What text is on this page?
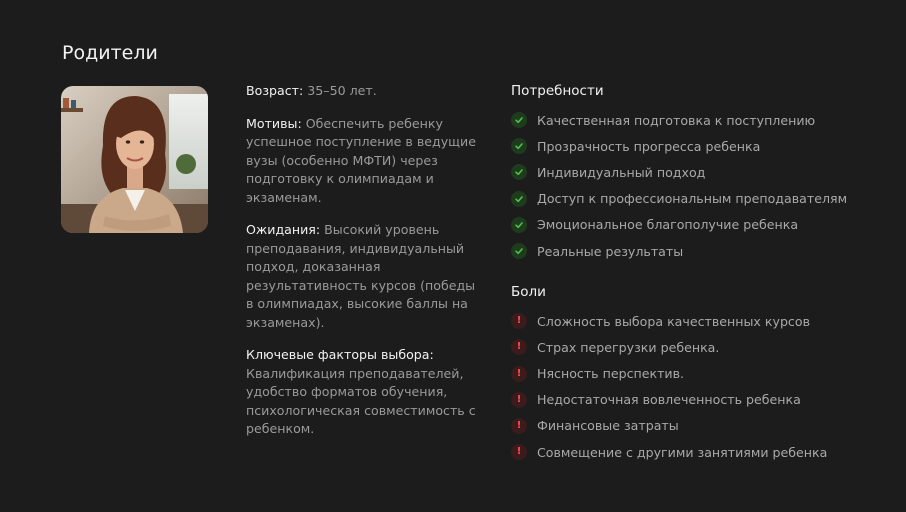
Родители
Возраст: 35–50 лет.
Мотивы: Обеспечить ребенку успешное поступление в ведущие вузы (особенно МФТИ) через подготовку к олимпиадам и экзаменам.
Ожидания: Высокий уровень преподавания, индивидуальный подход, доказанная результативность курсов (победы в олимпиадах, высокие баллы на экзаменах).
Ключевые факторы выбора:
Квалификация преподавателей, удобство форматов обучения, психологическая совместимость с ребенком.
Потребности
Качественная подготовка к поступлению
Прозрачность прогресса ребенка
Индивидуальный подход
Доступ к профессиональным преподавателям
Эмоциональное благополучие ребенка
Реальные результаты
Боли
! Сложность выбора качественных курсов
! Страх перегрузки ребенка.
! Нясность перспектив.
! Недостаточная вовлеченность ребенка
! Финансовые затраты
! Совмещение с другими занятиями ребенка
